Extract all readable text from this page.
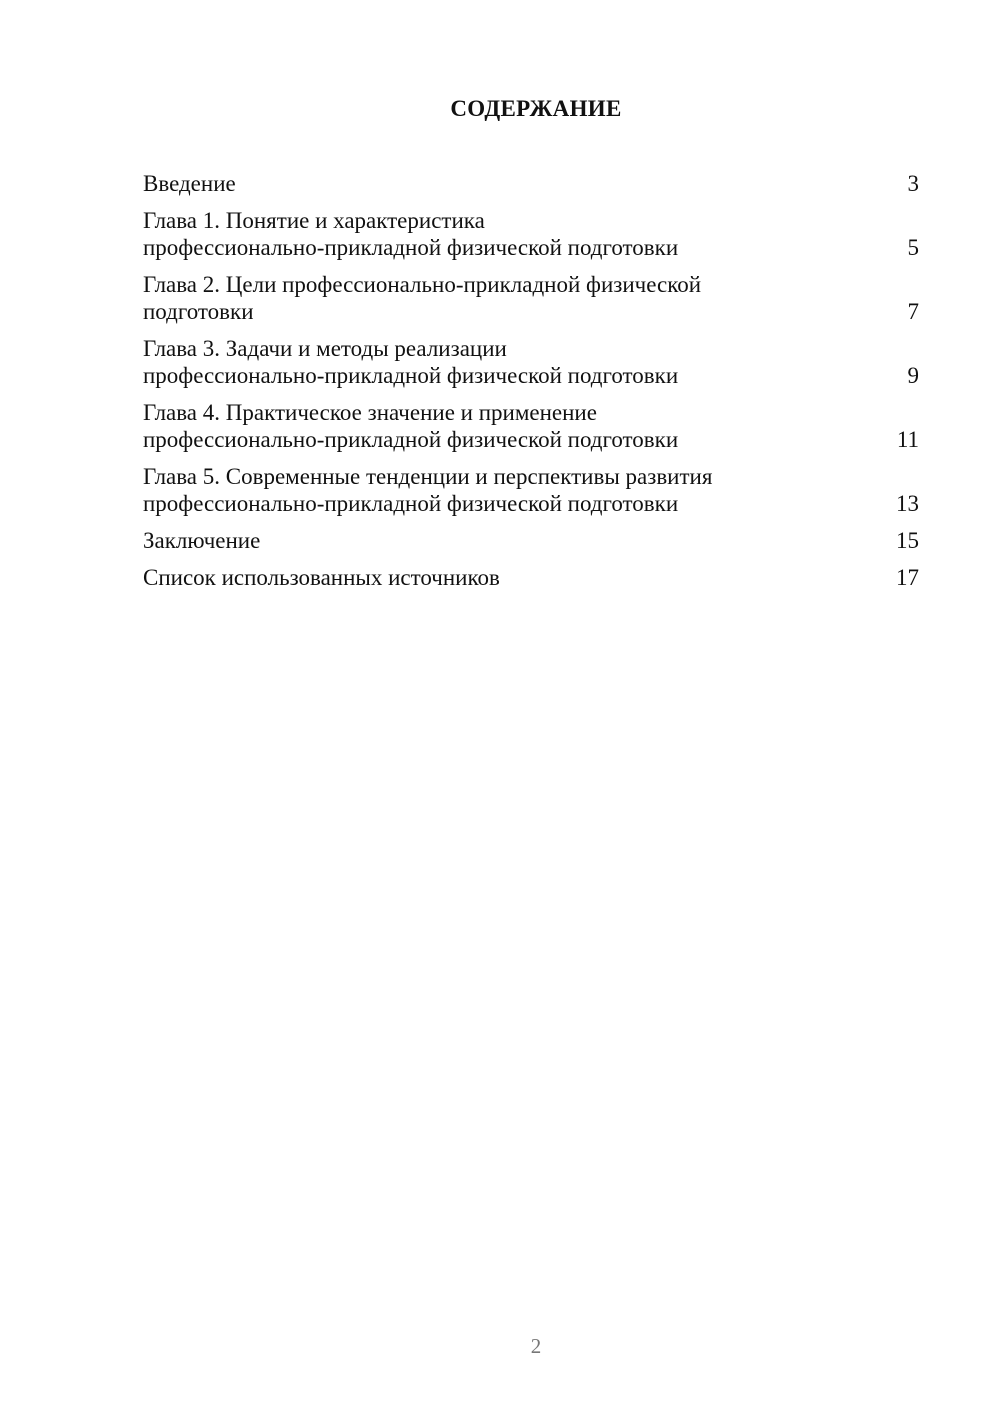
СОДЕРЖАНИЕ
Введение	3
Глава 1. Понятие и характеристика
профессионально-прикладной физической подготовки	5
Глава 2. Цели профессионально-прикладной физической
подготовки	7
Глава 3. Задачи и методы реализации
профессионально-прикладной физической подготовки	9
Глава 4. Практическое значение и применение
профессионально-прикладной физической подготовки	11
Глава 5. Современные тенденции и перспективы развития
профессионально-прикладной физической подготовки	13
Заключение	15
Список использованных источников	17
2
